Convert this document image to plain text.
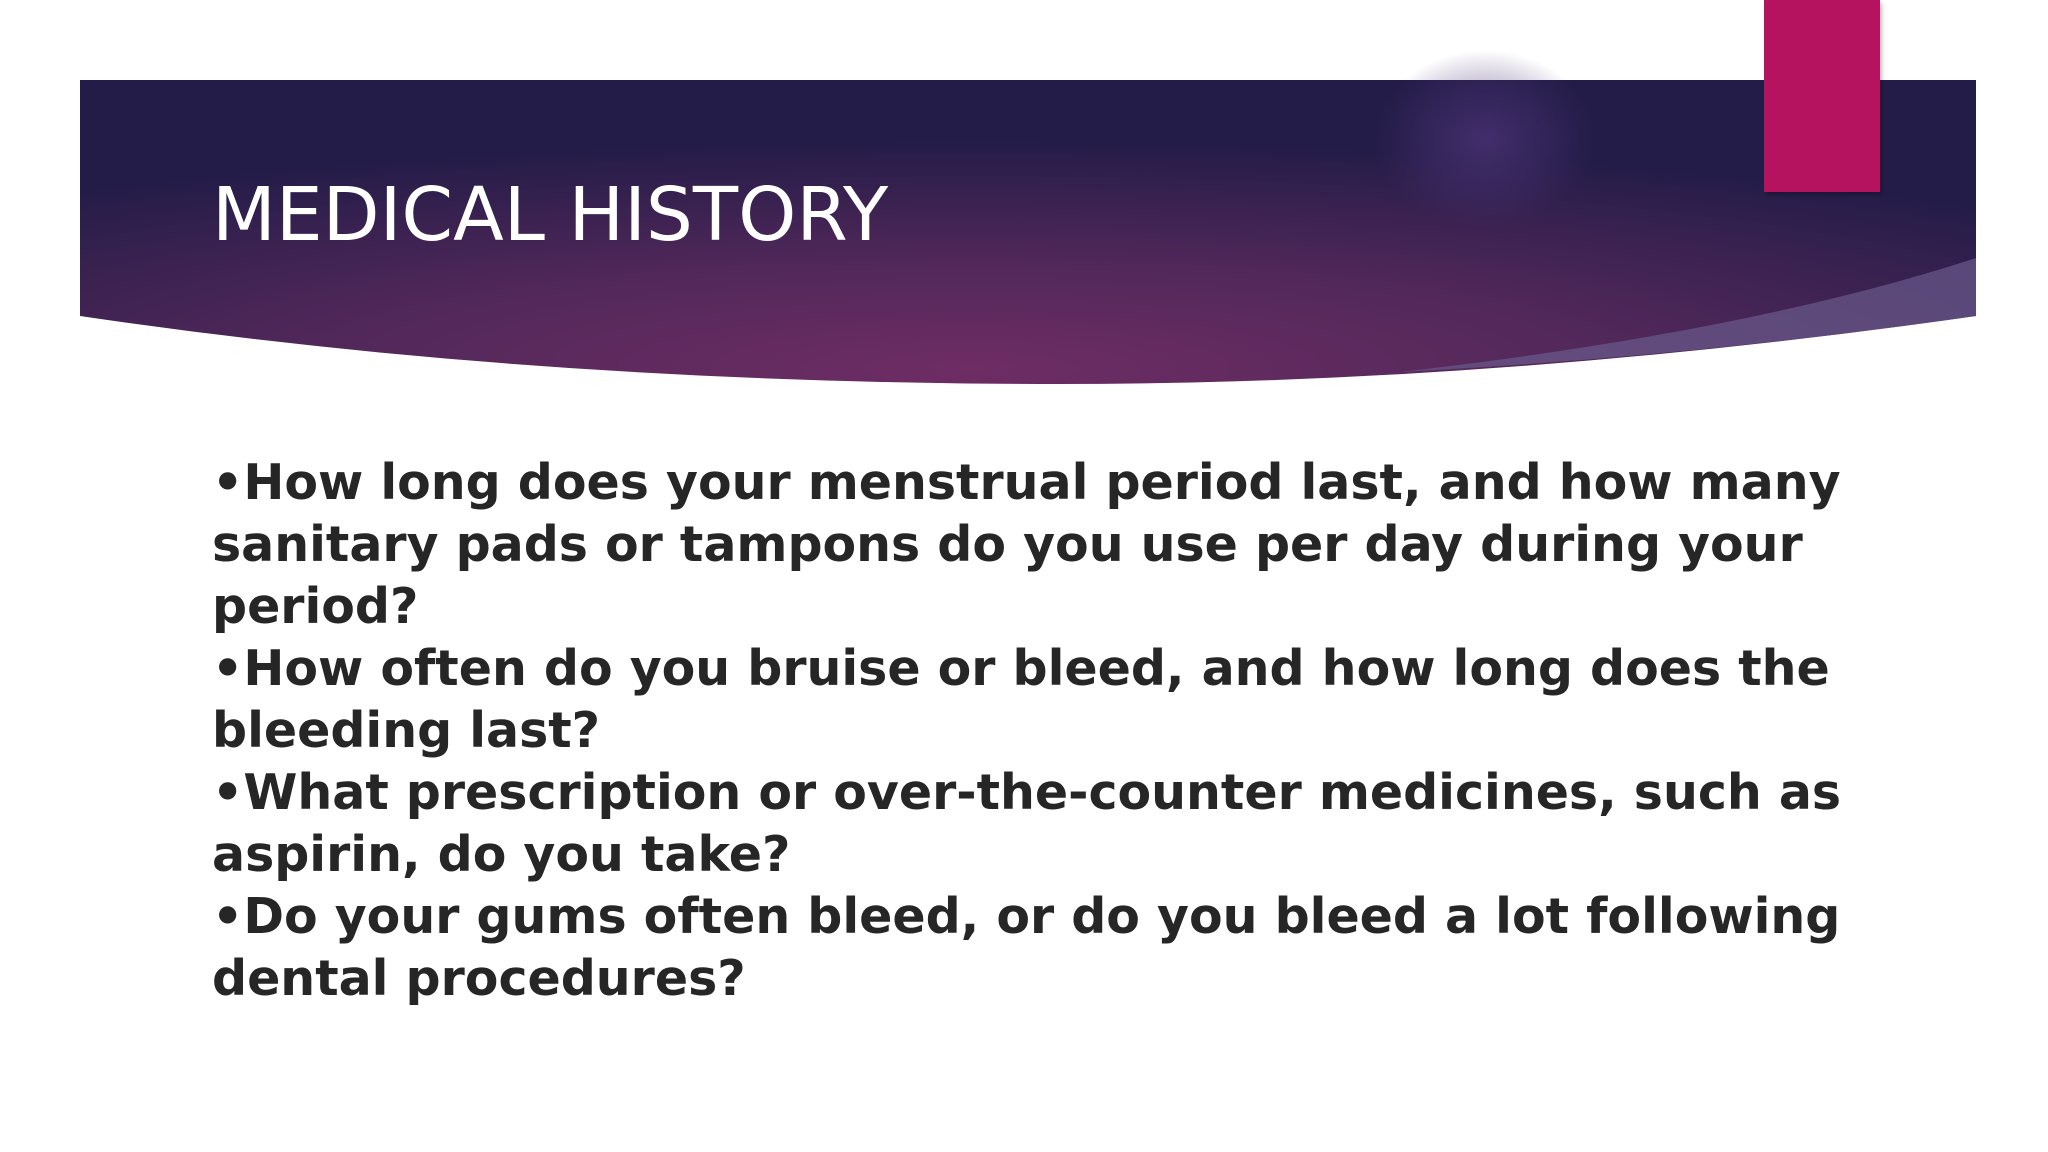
MEDICAL HISTORY
•How long does your menstrual period last, and how many sanitary pads or tampons do you use per day during your period?
•How often do you bruise or bleed, and how long does the bleeding last?
•What prescription or over-the-counter medicines, such as aspirin, do you take?
•Do your gums often bleed, or do you bleed a lot following dental procedures?
